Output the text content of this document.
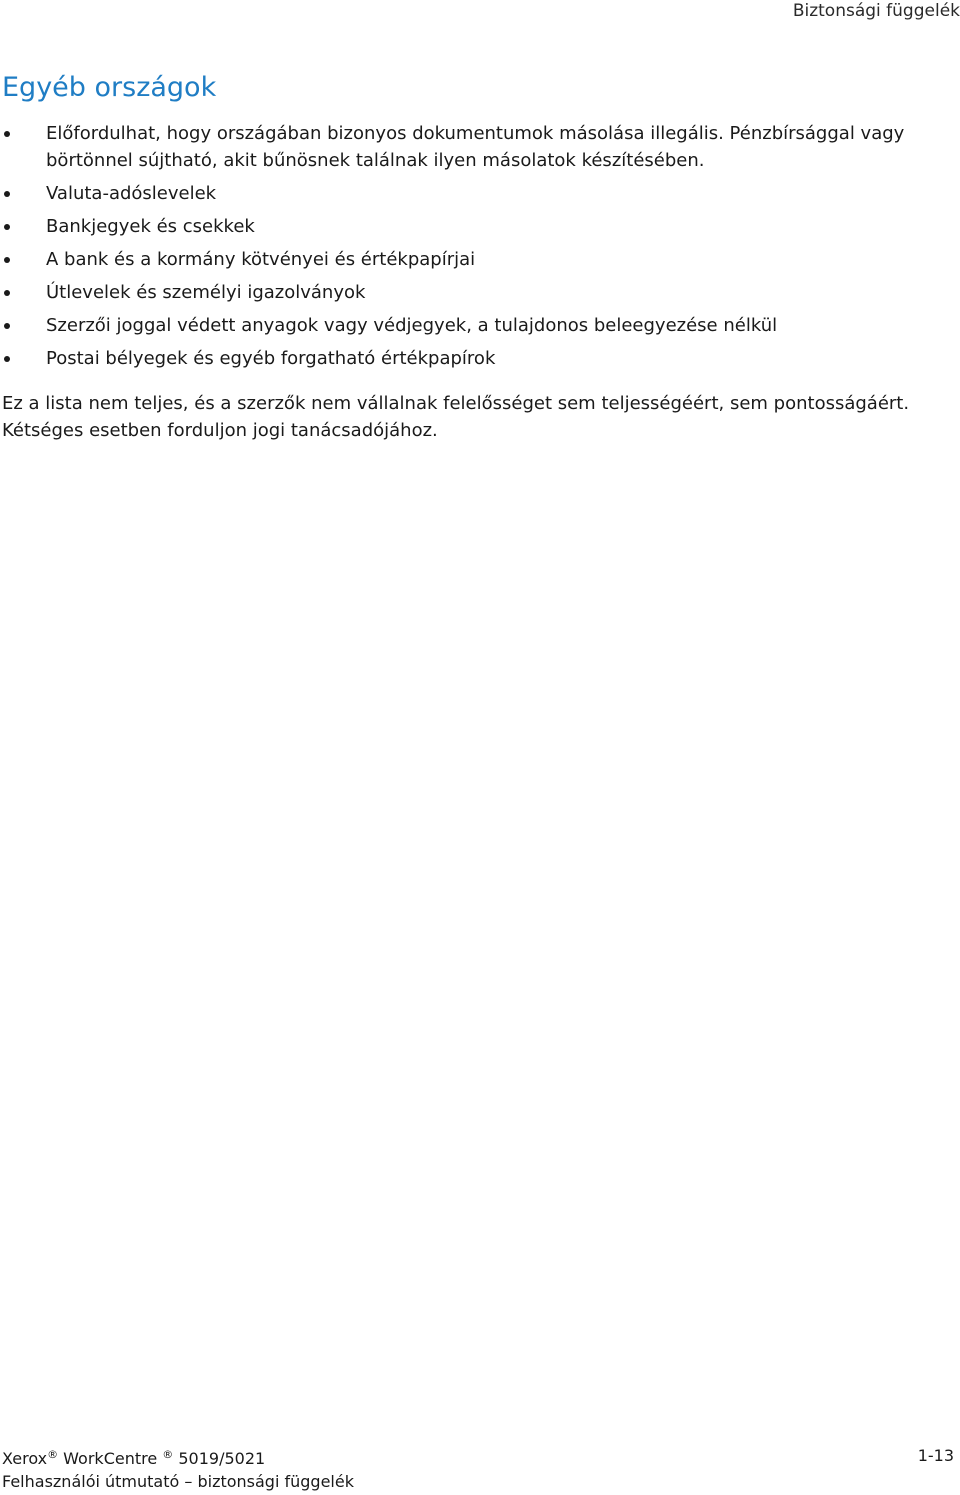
Biztonsági függelék
Egyéb országok
Előfordulhat, hogy országában bizonyos dokumentumok másolása illegális. Pénzbírsággal vagy börtönnel sújtható, akit bűnösnek találnak ilyen másolatok készítésében.
Valuta-adóslevelek
Bankjegyek és csekkek
A bank és a kormány kötvényei és értékpapírjai
Útlevelek és személyi igazolványok
Szerzői joggal védett anyagok vagy védjegyek, a tulajdonos beleegyezése nélkül
Postai bélyegek és egyéb forgatható értékpapírok

Ez a lista nem teljes, és a szerzők nem vállalnak felelősséget sem teljességéért, sem pontosságáért. Kétséges esetben forduljon jogi tanácsadójához.

Xerox® WorkCentre ® 5019/5021
Felhasználói útmutató – biztonsági függelék
1-13
